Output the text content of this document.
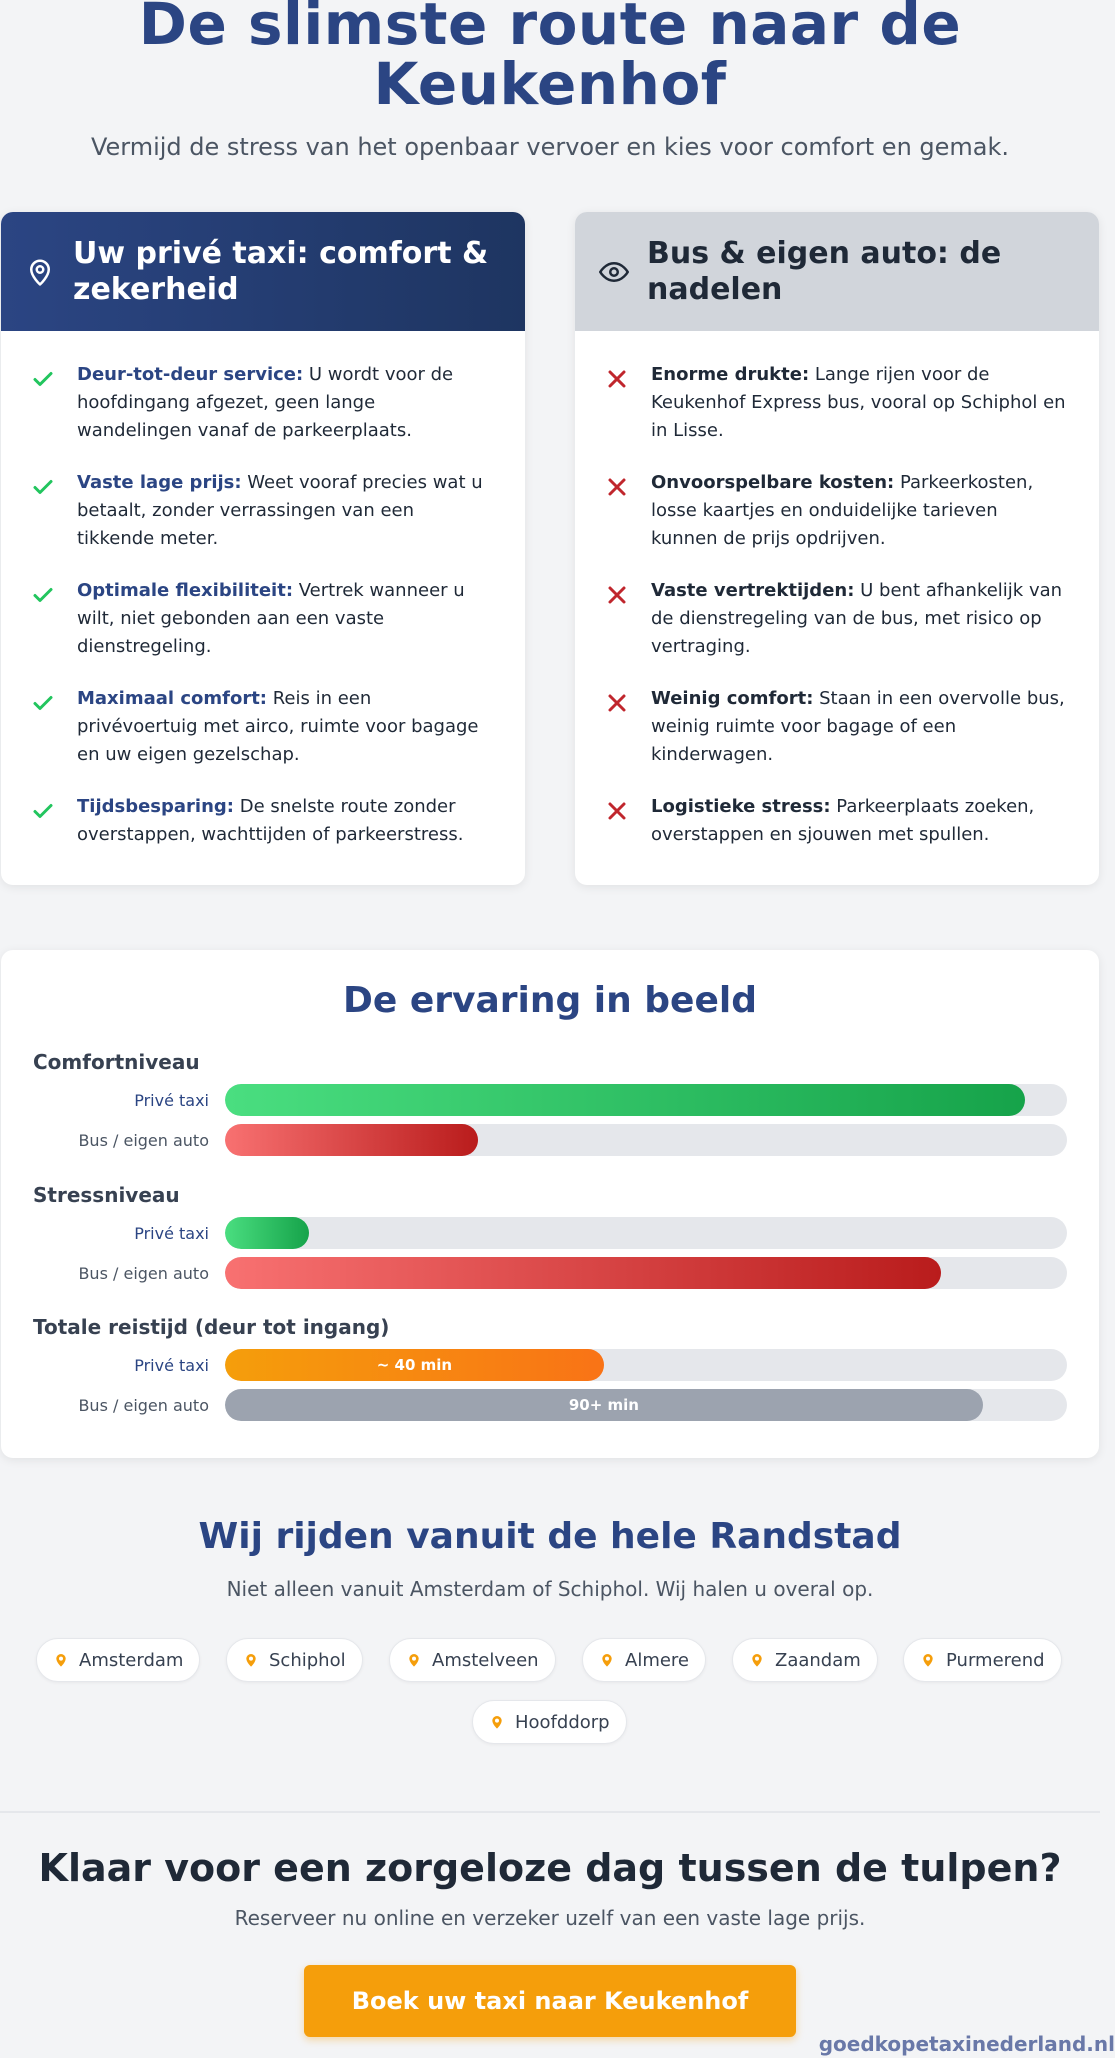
De slimste route naar de
Keukenhof

Vermijd de stress van het openbaar vervoer en kies voor comfort en gemak.

Uw privé taxi: comfort & zekerheid
Deur-tot-deur service: U wordt voor de hoofdingang afgezet, geen lange wandelingen vanaf de parkeerplaats.
Vaste lage prijs: Weet vooraf precies wat u betaalt, zonder verrassingen van een tikkende meter.
Optimale flexibiliteit: Vertrek wanneer u wilt, niet gebonden aan een vaste dienstregeling.
Maximaal comfort: Reis in een privévoertuig met airco, ruimte voor bagage en uw eigen gezelschap.
Tijdsbesparing: De snelste route zonder overstappen, wachttijden of parkeerstress.
Bus & eigen auto: de nadelen
Enorme drukte: Lange rijen voor de Keukenhof Express bus, vooral op Schiphol en in Lisse.
Onvoorspelbare kosten: Parkeerkosten, losse kaartjes en onduidelijke tarieven kunnen de prijs opdrijven.
Vaste vertrektijden: U bent afhankelijk van de dienstregeling van de bus, met risico op vertraging.
Weinig comfort: Staan in een overvolle bus, weinig ruimte voor bagage of een kinderwagen.
Logistieke stress: Parkeerplaats zoeken, overstappen en sjouwen met spullen.
De ervaring in beeld
Comfortniveau
Privé taxi
Bus / eigen auto
Stressniveau
Privé taxi
Bus / eigen auto
Totale reistijd (deur tot ingang)
Privé taxi	~ 40 min
Bus / eigen auto	90+ min
Wij rijden vanuit de hele Randstad

Niet alleen vanuit Amsterdam of Schiphol. Wij halen u overal op.

Amsterdam	Schiphol	Amstelveen	Almere	Zaandam	Purmerend
Hoofddorp
Klaar voor een zorgeloze dag tussen de tulpen?

Reserveer nu online en verzeker uzelf van een vaste lage prijs.

Boek uw taxi naar Keukenhof
goedkopetaxinederland.nl
